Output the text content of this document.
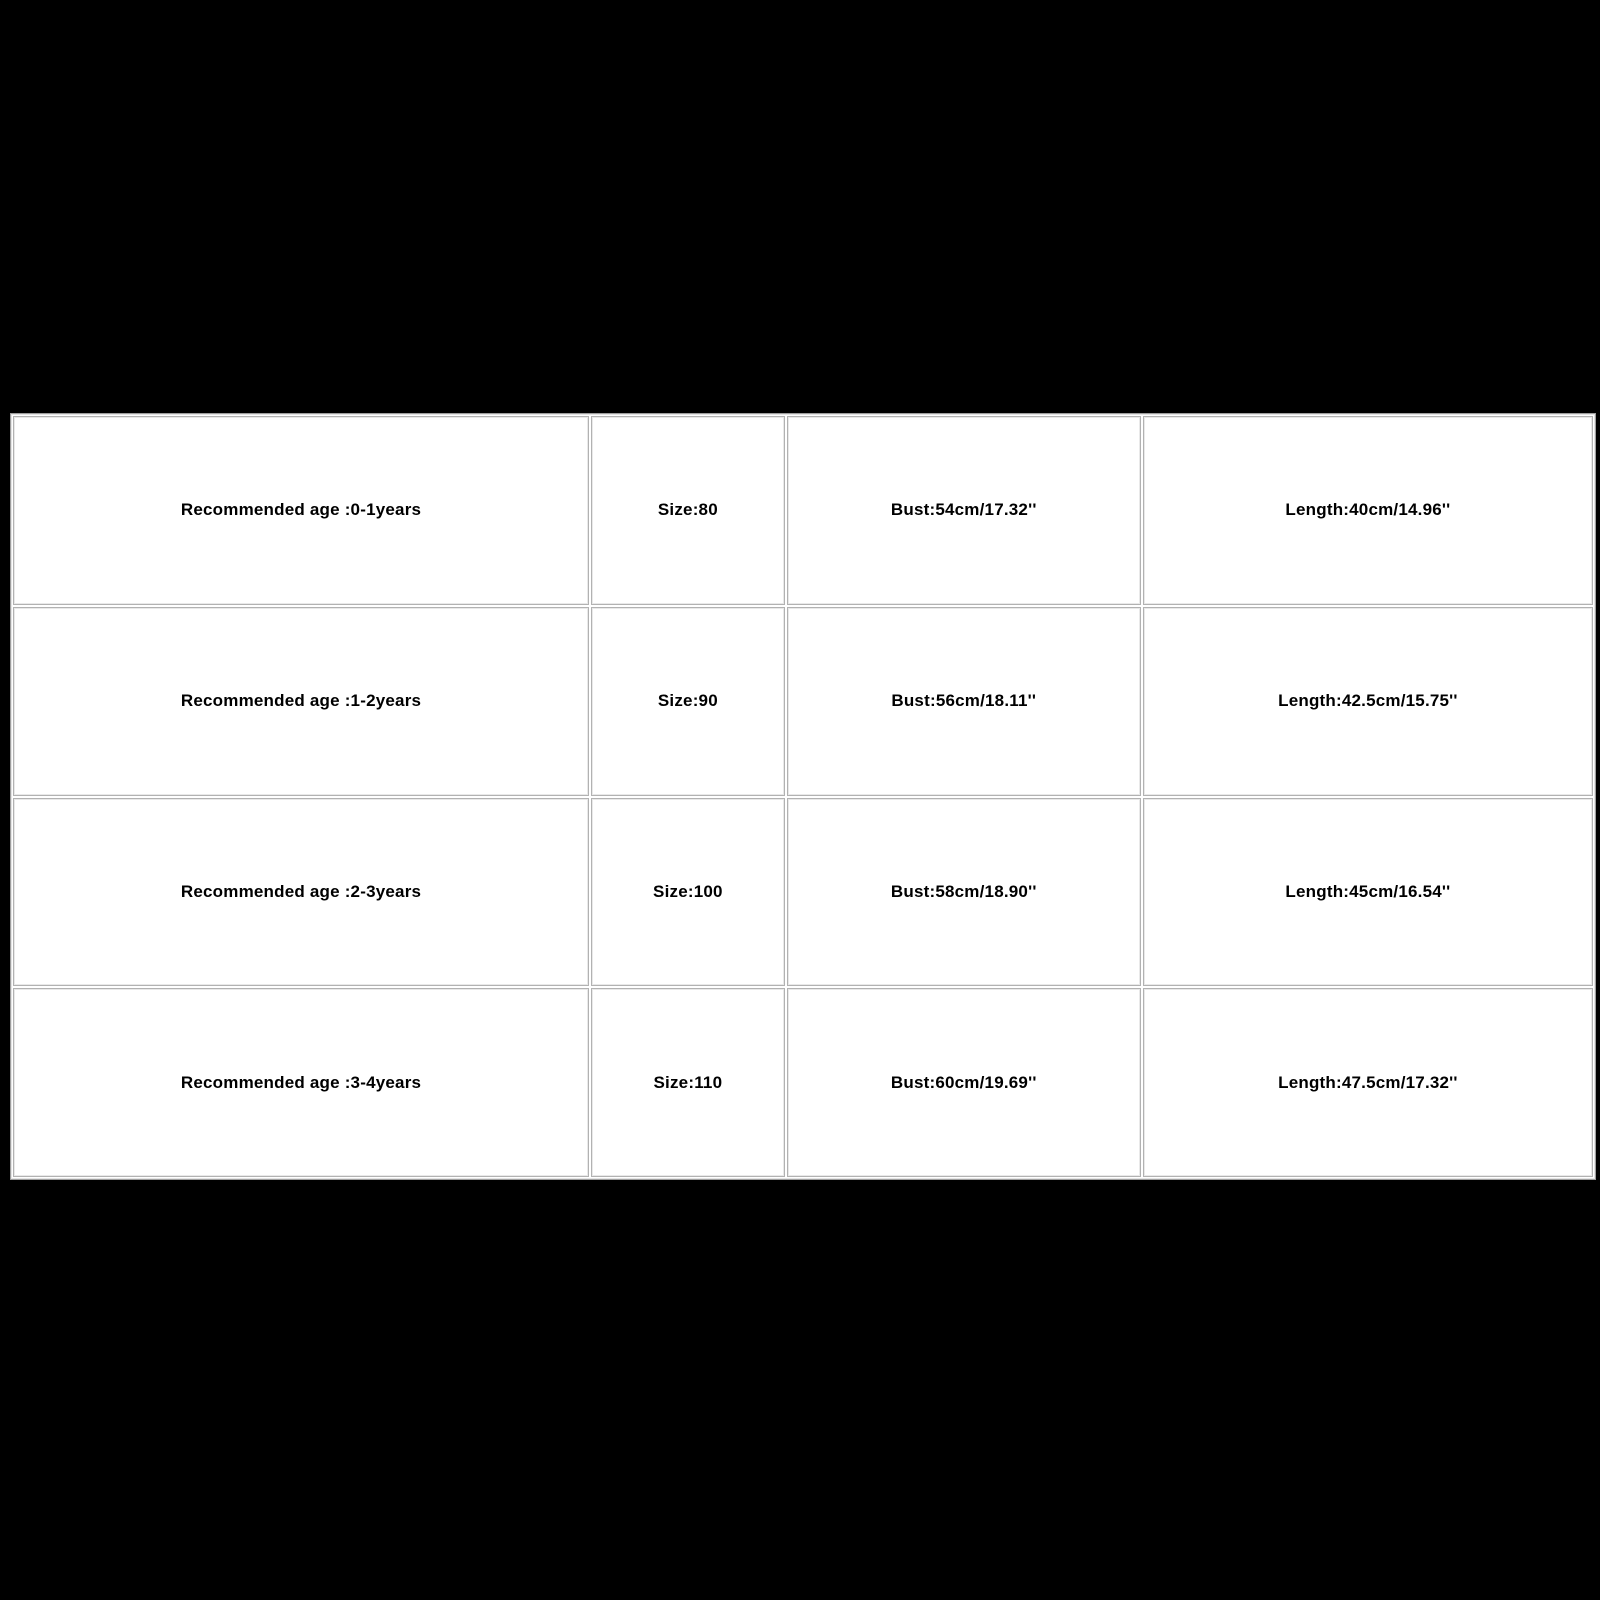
Recommended age :0-1years	Size:80	Bust:54cm/17.32''	Length:40cm/14.96''
Recommended age :1-2years	Size:90	Bust:56cm/18.11''	Length:42.5cm/15.75''
Recommended age :2-3years	Size:100	Bust:58cm/18.90''	Length:45cm/16.54''
Recommended age :3-4years	Size:110	Bust:60cm/19.69''	Length:47.5cm/17.32''
